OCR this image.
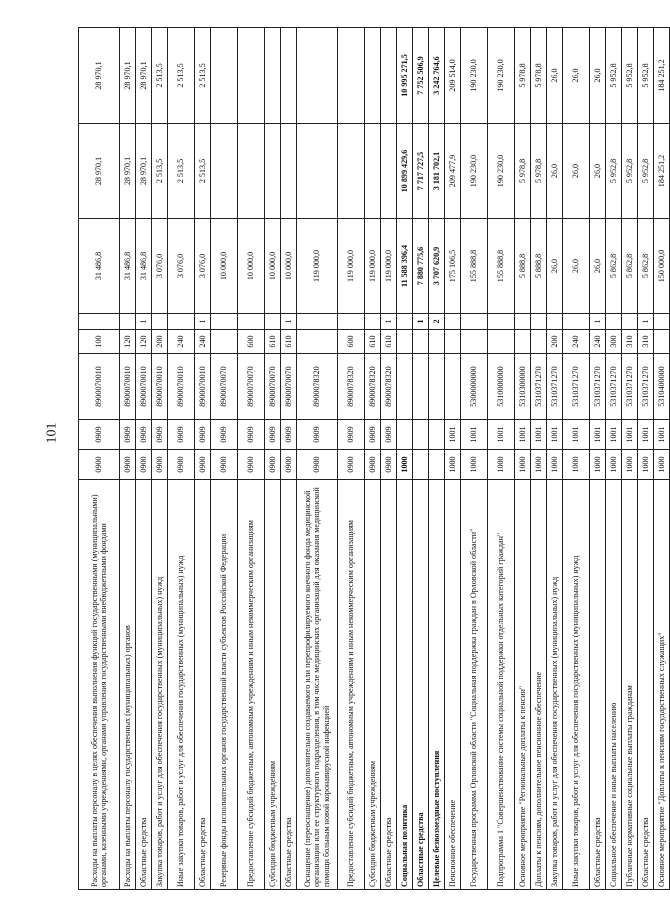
101
Расходы на выплаты персоналу в целях обеспечения выполнения функций государственными (муниципальными) органами, казенными учреждениями, органами управления государственными внебюджетными фондами	0900	0909	8900070010	100		31 486,8	28 970,1	28 970,1
Расходы на выплаты персоналу государственных (муниципальных) органов	0900	0909	8900070010	120		31 486,8	28 970,1	28 970,1
Областные средства	0900	0909	8900070010	120	1	31 486,8	28 970,1	28 970,1
Закупка товаров, работ и услуг для обеспечения государственных (муниципальных) нужд	0900	0909	8900070010	200		3 076,0	2 513,5	2 513,5
Иные закупки товаров, работ и услуг для обеспечения государственных (муниципальных) нужд	0900	0909	8900070010	240		3 076,0	2 513,5	2 513,5
Областные средства	0900	0909	8900070010	240	1	3 076,0	2 513,5	2 513,5
Резервные фонды исполнительных органов государственной власти субъектов Российской Федерации	0900	0909	8900070070			10 000,0		
Предоставление субсидий бюджетным, автономным учреждениям и иным некоммерческим организациям	0900	0909	8900070070	600		10 000,0		
Субсидии бюджетным учреждениям	0900	0909	8900070070	610		10 000,0		
Областные средства	0900	0909	8900070070	610	1	10 000,0		
Оснащение (переоснащение) дополнительно создаваемого или перепрофилируемого коечного фонда медицинской организации или ее структурного подразделения, в том числе медицинских организаций для оказания медицинской помощи больным новой коронавирусной инфекцией	0900	0909	8900078320			119 000,0		
Предоставление субсидий бюджетным, автономным учреждениям и иным некоммерческим организациям	0900	0909	8900078320	600		119 000,0		
Субсидии бюджетным учреждениям	0900	0909	8900078320	610		119 000,0		
Областные средства	0900	0909	8900078320	610	1	119 000,0		
Социальная политика	1000					11 588 396,4	10 899 429,6	10 995 271,5
Областные средства					1	7 880 775,6	7 717 727,5	7 752 506,9
Целевые безвозмездные поступления					2	3 707 620,9	3 181 702,1	3 242 764,6
Пенсионное обеспечение	1000	1001				175 106,5	209 477,9	209 514,0
Государственная программа Орловской области "Социальная поддержка граждан в Орловской области"	1000	1001	5300000000			155 888,8	190 230,0	190 230,0
Подпрограмма 1 "Совершенствование системы социальной поддержки отдельных категорий граждан"	1000	1001	5310000000			155 888,8	190 230,0	190 230,0
Основное мероприятие "Региональные доплаты к пенсии"	1000	1001	5310300000			5 888,8	5 978,8	5 978,8
Доплаты к пенсиям, дополнительное пенсионное обеспечение	1000	1001	5310371270			5 888,8	5 978,8	5 978,8
Закупка товаров, работ и услуг для обеспечения государственных (муниципальных) нужд	1000	1001	5310371270	200		26,0	26,0	26,0
Иные закупки товаров, работ и услуг для обеспечения государственных (муниципальных) нужд	1000	1001	5310371270	240		26,0	26,0	26,0
Областные средства	1000	1001	5310371270	240	1	26,0	26,0	26,0
Социальное обеспечение и иные выплаты населению	1000	1001	5310371270	300		5 862,8	5 952,8	5 952,8
Публичные нормативные социальные выплаты гражданам	1000	1001	5310371270	310		5 862,8	5 952,8	5 952,8
Областные средства	1000	1001	5310371270	310	1	5 862,8	5 952,8	5 952,8
Основное мероприятие "Доплаты к пенсиям государственных служащих"	1000	1001	5310400000			150 000,0	184 251,2	184 251,2
